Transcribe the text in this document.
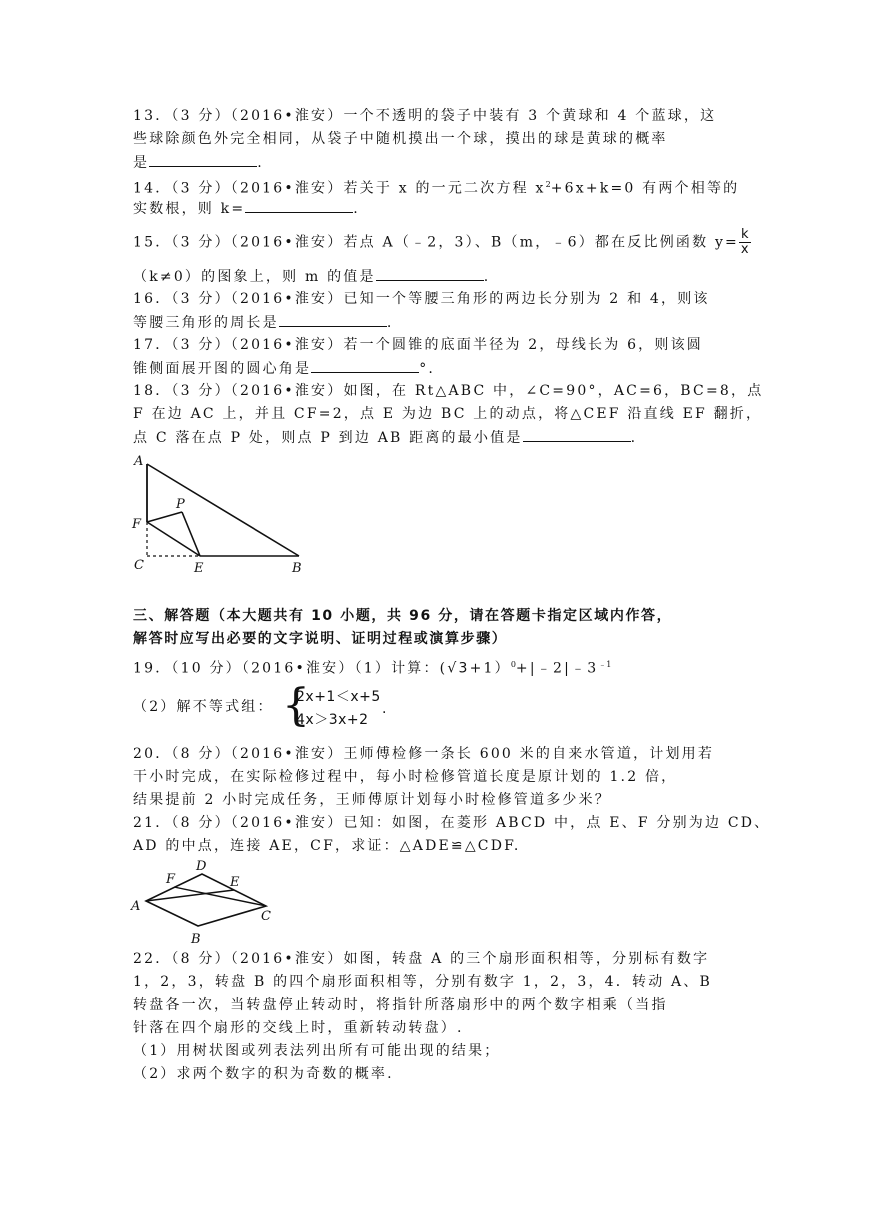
13．（3 分）（2016•淮安）一个不透明的袋子中装有 3 个黄球和 4 个蓝球，这
些球除颜色外完全相同，从袋子中随机摸出一个球，摸出的球是黄球的概率
是	.
14．（3 分）（2016•淮安）若关于 x 的一元二次方程 $x^2+6x+k=0$ 有两个相等的
实数根，则 k=	.
15．（3 分）（2016•淮安）若点 A（﹣2，3）、B（m，﹣6）都在反比例函数 $y= \frac{k}{x}$
（k≠0）的图象上，则 m 的值是	.
16．（3 分）（2016•淮安）已知一个等腰三角形的两边长分别为 2 和 4，则该
等腰三角形的周长是	.
17．（3 分）（2016•淮安）若一个圆锥的底面半径为 2，母线长为 6，则该圆
锥侧面展开图的圆心角是	°.
18．（3 分）（2016•淮安）如图，在 Rt△ABC 中，∠C=90°，AC=6，BC=8，点
F 在边 AC 上，并且 CF=2，点 E 为边 BC 上的动点，将△CEF 沿直线 EF 翻折，
点 C 落在点 P 处，则点 P 到边 AB 距离的最小值是	.
A
P
F
C	E	B
三、解答题（本大题共有 10 小题，共 96 分，请在答题卡指定区域内作答，
解答时应写出必要的文字说明、证明过程或演算步骤）
19．（10 分）（2016•淮安）（1）计算：$(√3+1)^0+|﹣2|﹣3^{﹣1}$
（2）解不等式组： {
2x+1＜x+5
4x＞3x+2
.
20．（8 分）（2016•淮安）王师傅检修一条长 600 米的自来水管道，计划用若
干小时完成，在实际检修过程中，每小时检修管道长度是原计划的 1.2 倍，
结果提前 2 小时完成任务，王师傅原计划每小时检修管道多少米？
21．（8 分）（2016•淮安）已知：如图，在菱形 ABCD 中，点 E、F 分别为边 CD、
AD 的中点，连接 AE，CF，求证：△ADE≌△CDF.
D
F	E
A
C
B
22．（8 分）（2016•淮安）如图，转盘 A 的三个扇形面积相等，分别标有数字
1，2，3，转盘 B 的四个扇形面积相等，分别有数字 1，2，3，4．转动 A、B
转盘各一次，当转盘停止转动时，将指针所落扇形中的两个数字相乘（当指
针落在四个扇形的交线上时，重新转动转盘）.
（1）用树状图或列表法列出所有可能出现的结果；
（2）求两个数字的积为奇数的概率.
